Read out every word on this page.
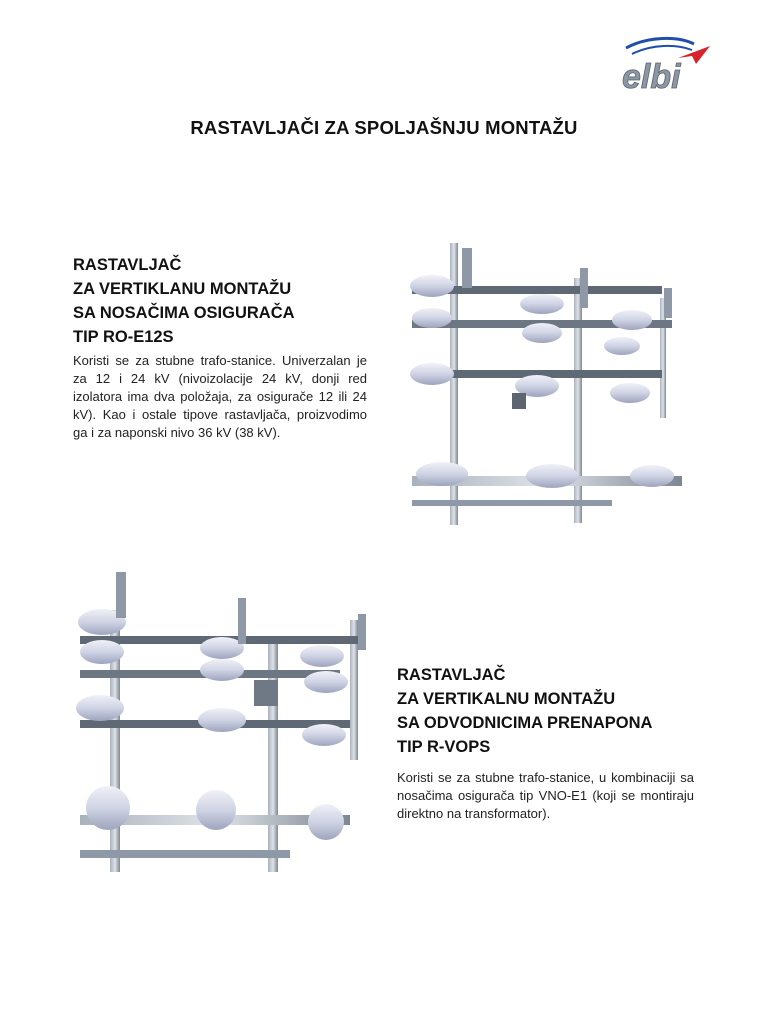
elbi
RASTAVLJAČI ZA SPOLJAŠNJU MONTAŽU
RASTAVLJAČ
ZA VERTIKLANU MONTAŽU
SA NOSAČIMA OSIGURAČA
TIP RO-E12S
Koristi se za stubne trafo-stanice. Univerzalan je za 12 i 24 kV (nivoizolacije 24 kV, donji red izolatora ima dva položaja, za osigurače 12 ili 24 kV). Kao i ostale tipove rastavljača, proizvodimo ga i za naponski nivo 36 kV (38 kV).
RASTAVLJAČ
ZA VERTIKALNU MONTAŽU
SA ODVODNICIMA PRENAPONA
TIP R-VOPS
Koristi se za stubne trafo-stanice, u kombinaciji sa nosačima osigurača tip VNO-E1 (koji se montiraju direktno na transformator).
